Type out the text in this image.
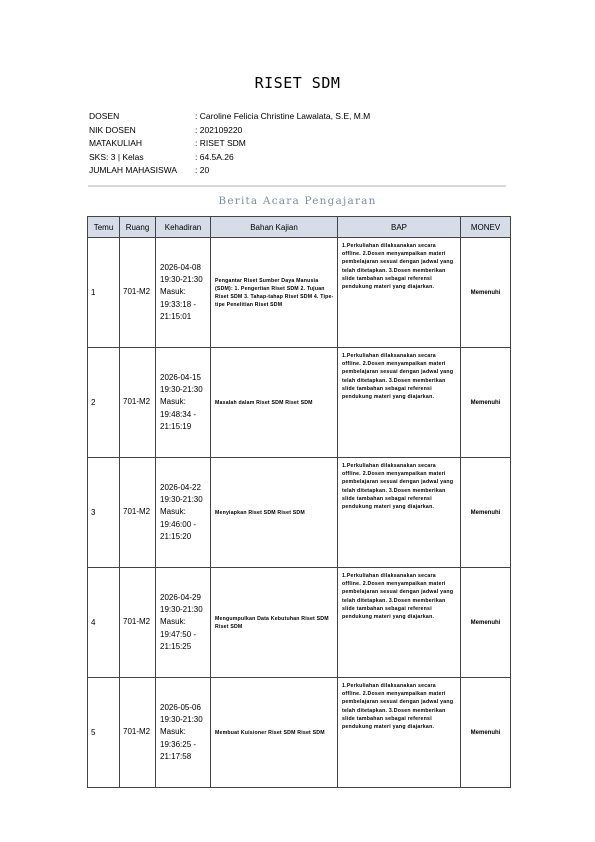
RISET SDM
DOSEN	: Caroline Felicia Christine Lawalata, S.E, M.M
NIK DOSEN	: 202109220
MATAKULIAH	: RISET SDM
SKS: 3 | Kelas	: 64.5A.26
JUMLAH MAHASISWA	: 20
Berita Acara Pengajaran
Temu	Ruang	Kehadiran	Bahan Kajian	BAP	MONEV
1	701-M2	2026-04-08 19:30-21:30 Masuk: 19:33:18 - 21:15:01	Pengantar Riset Sumber Daya Manusia (SDM): 1. Pengertian Riset SDM 2. Tujuan Riset SDM 3. Tahap-tahap Riset SDM 4. Tipe-tipe Penelitian Riset SDM	1.Perkuliahan dilaksanakan secara offline. 2.Dosen menyampaikan materi pembelajaran sesuai dengan jadwal yang telah ditetapkan. 3.Dosen memberikan slide tambahan sebagai referensi pendukung materi yang diajarkan.	Memenuhi
2	701-M2	2026-04-15 19:30-21:30 Masuk: 19:48:34 - 21:15:19	Masalah dalam Riset SDM Riset SDM	1.Perkuliahan dilaksanakan secara offline. 2.Dosen menyampaikan materi pembelajaran sesuai dengan jadwal yang telah ditetapkan. 3.Dosen memberikan slide tambahan sebagai referensi pendukung materi yang diajarkan.	Memenuhi
3	701-M2	2026-04-22 19:30-21:30 Masuk: 19:46:00 - 21:15:20	Menyiapkan Riset SDM Riset SDM	1.Perkuliahan dilaksanakan secara offline. 2.Dosen menyampaikan materi pembelajaran sesuai dengan jadwal yang telah ditetapkan. 3.Dosen memberikan slide tambahan sebagai referensi pendukung materi yang diajarkan.	Memenuhi
4	701-M2	2026-04-29 19:30-21:30 Masuk: 19:47:50 - 21:15:25	Mengumpulkan Data Kebutuhan Riset SDM Riset SDM	1.Perkuliahan dilaksanakan secara offline. 2.Dosen menyampaikan materi pembelajaran sesuai dengan jadwal yang telah ditetapkan. 3.Dosen memberikan slide tambahan sebagai referensi pendukung materi yang diajarkan.	Memenuhi
5	701-M2	2026-05-06 19:30-21:30 Masuk: 19:36:25 - 21:17:58	Membuat Kuisioner Riset SDM Riset SDM	1.Perkuliahan dilaksanakan secara offline. 2.Dosen menyampaikan materi pembelajaran sesuai dengan jadwal yang telah ditetapkan. 3.Dosen memberikan slide tambahan sebagai referensi pendukung materi yang diajarkan.	Memenuhi
